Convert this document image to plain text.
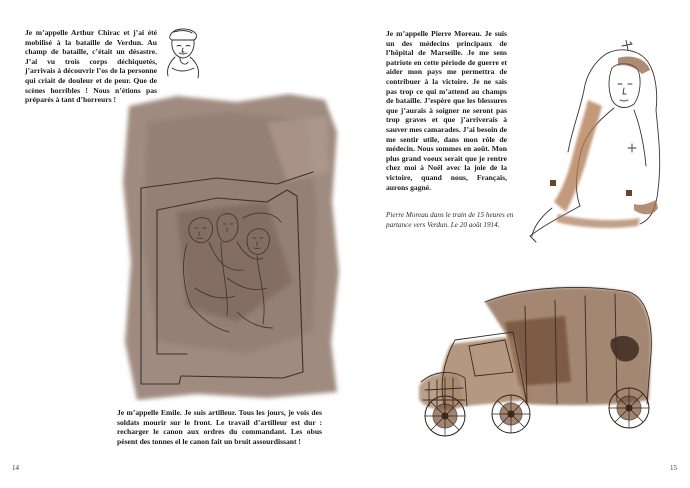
Je m’appelle Arthur Chirac et j’ai été mobilisé à la bataille de Verdun. Au champ de bataille, c’était un désastre. J’ai vu trois corps déchiquetés, j’arrivais à découvrir l’os de la personne qui criait de douleur et de peur. Que de scènes horribles ! Nous n’étions pas préparés à tant d’horreurs !

Je m’appelle Emile. Je suis artilleur. Tous les jours, je vois des soldats mourir sur le front. Le travail d’artilleur est dur : recharger le canon aux ordres du commandant. Les obus pèsent des tonnes el le canon fait un bruit assourdissant !

14

Je m’appelle Pierre Moreau. Je suis un des médecins principaux de l’hôpital de Marseille. Je me sens patriote en cette période de guerre et aider mon pays me permettra de contribuer à la victoire. Je ne sais pas trop ce qui m’attend au champs de bataille. J’espère que les blessures que j’aurais à soigner ne seront pas trop graves et que j’arriverais à sauver mes camarades. J’ai besoin de me sentir utile, dans mon rôle de médecin. Nous sommes en août. Mon plus grand voeux serait que je rentre chez moi à Noël avec la joie de la victoire, quand nous, Français, aurons gagné.

Pierre Moreau dans le train de 15 heures en partance vers Verdun. Le 20 août 1914.

15
